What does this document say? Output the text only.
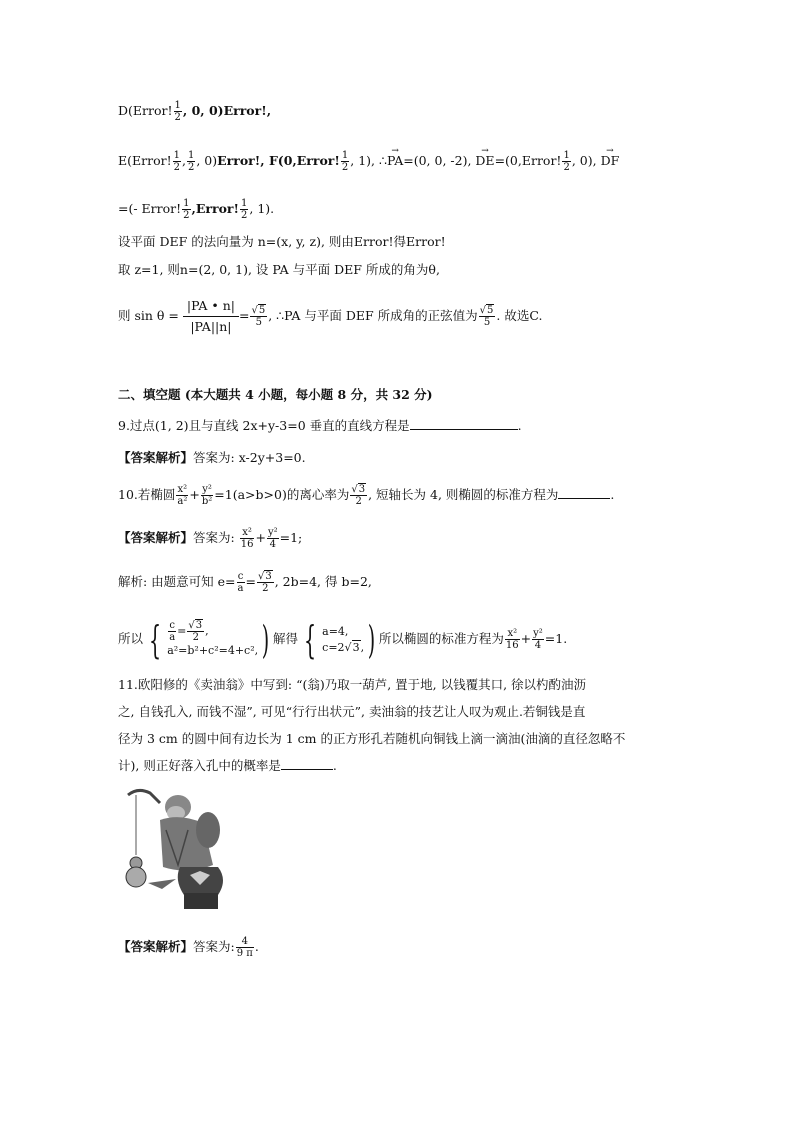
D(Error! $\frac{1}{2}$ , 0, 0)Error!,
E(Error! $\frac{1}{2}$ , $\frac{1}{2}$ , 0)Error!, F(0,Error! $\frac{1}{2}$ , 1), ∴→ PA=(0, 0, -2), → DE=(0,Error! $\frac{1}{2}$ , 0), → DF
=(- Error! $\frac{1}{2}$ ,Error! $\frac{1}{2}$ , 1).
设平面 DEF 的法向量为 n=(x, y, z), 则由Error!得Error!
取 z=1, 则n=(2, 0, 1), 设 PA 与平面 DEF 所成的角为θ,
则 $\sin \theta = \frac{|PA • n|}{|PA||n|} = \frac{√5}{5}$ , ∴PA 与平面 DEF 所成角的正弦值为 $\frac{√5}{5}$ . 故选C.
二、填空题 (本大题共 4 小题，每小题 8 分，共 32 分)
9.过点(1, 2)且与直线 2x+y-3=0 垂直的直线方程是	.
【答案解析】答案为: x-2y+3=0.
10.若椭圆 $\frac{\text{x²}}{\text{a²}} + \frac{\text{y²}}{\text{b²}} =1(a>b>0)$的离心率为 $\frac{√3}{2}$ , 短轴长为 4, 则椭圆的标准方程为	.
【答案解析】答案为: $\frac{\text{x²}}{16} + \frac{\text{y²}}{4} =1$;
解析: 由题意可知 $e= \frac{c}{a} = \frac{√3}{2}$ , 2b=4, 得 b=2,
所以 { $\frac{c}{a} = \frac{√3}{2}$ ,
a²=b²+c²=4+c², ) 解得 { a=4,
c=2√3, ) 所以椭圆的标准方程为 $\frac{\text{x²}}{16} + \frac{\text{y²}}{4} =1$.
11.欧阳修的《卖油翁》中写到: “(翁)乃取一葫芦, 置于地, 以钱覆其口, 徐以杓酌油沥
之, 自钱孔入, 而钱不湿”, 可见“行行出状元”, 卖油翁的技艺让人叹为观止.若铜钱是直
径为 3 cm 的圆中间有边长为 1 cm 的正方形孔若随机向铜钱上滴一滴油(油滴的直径忽略不
计), 则正好落入孔中的概率是	.
【答案解析】答案为: $\frac{4}{9 \pi}$ .
